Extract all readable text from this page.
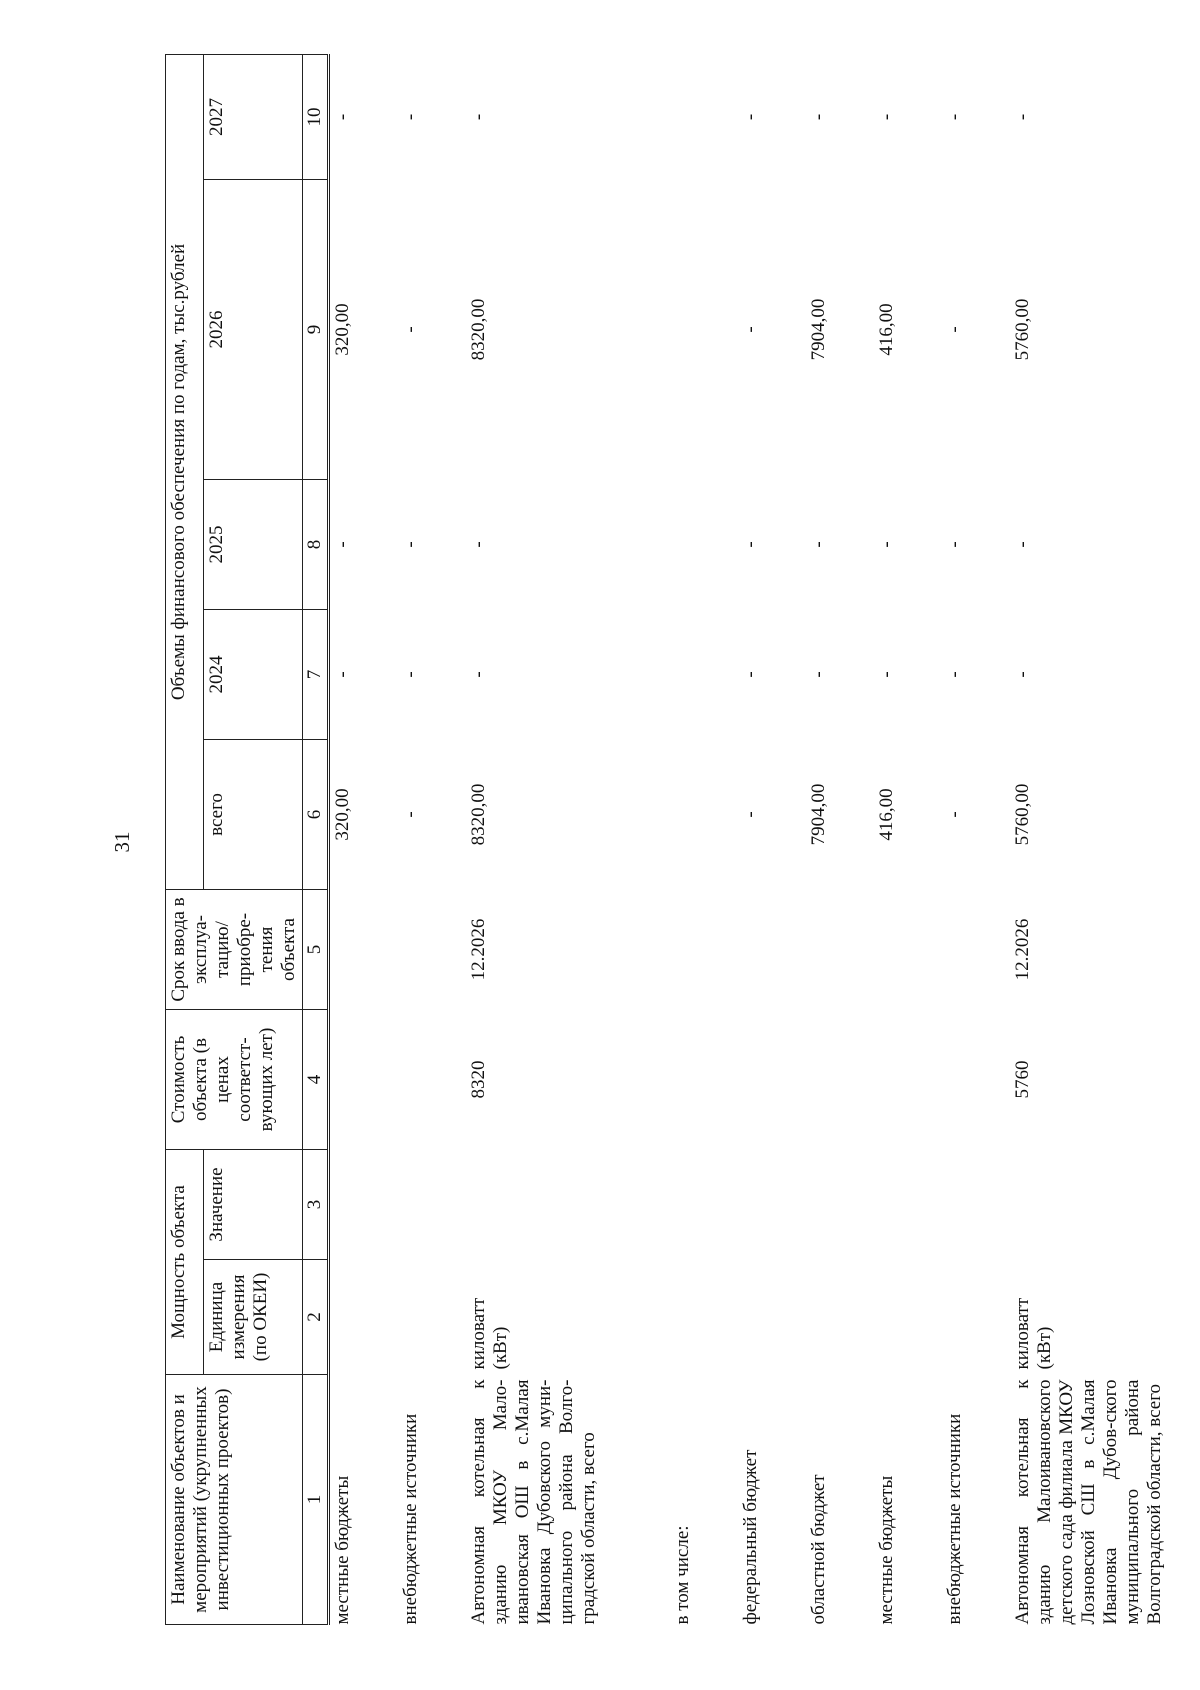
31
Наименование объектов и мероприятий (укрупненных инвестиционных проектов)	Мощность объекта		Стоимость объекта (в ценах соответст-вующих лет)	Срок ввода в эксплуа-тацию/ приобре-тения объекта	Объемы финансового обеспечения по годам, тыс.рублей				
	Единица измерения (по ОКЕИ)	Значение			всего	2024	2025	2026	2027
1	2	3	4	5	6	7	8	9	10
местные бюджеты					320,00	-	-	320,00	-
внебюджетные источники					-	-	-	-	-
Автономная котельная к зданию МКОУ Мало-ивановская ОШ в с.Малая Ивановка Дубовского муни-ципального района Волго-градской области, всего	киловатт (кВт)		8320	12.2026	8320,00	-	-	8320,00	-
в том числе:									
федеральный бюджет					-	-	-	-	-
областной бюджет					7904,00	-	-	7904,00	-
местные бюджеты					416,00	-	-	416,00	-
внебюджетные источники					-	-	-	-	-
Автономная котельная к зданию Малоивановского детского сада филиала МКОУ Лозновской СШ в с.Малая Ивановка Дубов-ского муниципального района Волгоградской области, всего	киловатт (кВт)		5760	12.2026	5760,00	-	-	5760,00	-
